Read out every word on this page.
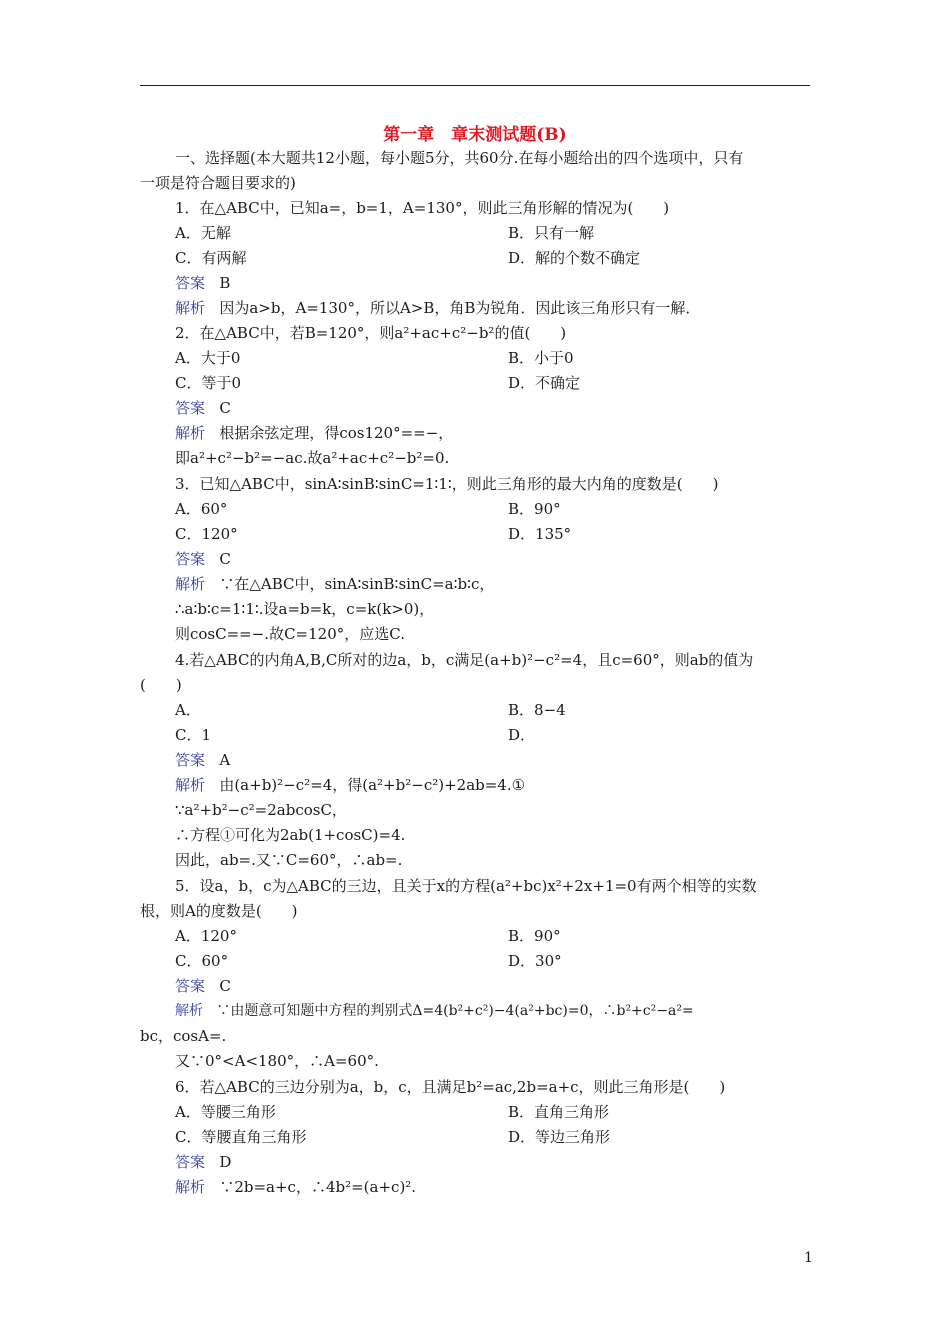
第一章　章末测试题(B)
一、选择题(本大题共12小题，每小题5分，共60分.在每小题给出的四个选项中，只有
一项是符合题目要求的)
1．在△ABC中，已知a=，b=1，A=130°，则此三角形解的情况为(　　)
A．无解	B．只有一解
C．有两解	D．解的个数不确定
答案 B
解析 因为a>b，A=130°，所以A>B，角B为锐角．因此该三角形只有一解．
2．在△ABC中，若B=120°，则a²+ac+c²−b²的值(　　)
A．大于0	B．小于0
C．等于0	D．不确定
答案 C
解析 根据余弦定理，得cos120°==−，
即a²+c²−b²=−ac.故a²+ac+c²−b²=0.
3．已知△ABC中，sinA∶sinB∶sinC=1∶1∶，则此三角形的最大内角的度数是(　　)
A．60°	B．90°
C．120°	D．135°
答案 C
解析 ∵在△ABC中，sinA∶sinB∶sinC=a∶b∶c，
∴a∶b∶c=1∶1∶.设a=b=k，c=k(k>0)，
则cosC==−.故C=120°，应选C.
4.若△ABC的内角A,B,C所对的边a，b，c满足(a+b)²−c²=4，且c=60°，则ab的值为
(　　)
A．	B．8−4
C．1	D．
答案 A
解析 由(a+b)²−c²=4，得(a²+b²−c²)+2ab=4.①
∵a²+b²−c²=2abcosC，
∴方程①可化为2ab(1+cosC)=4.
因此，ab=.又∵C=60°，∴ab=.
5．设a，b，c为△ABC的三边，且关于x的方程(a²+bc)x²+2x+1=0有两个相等的实数
根，则A的度数是(　　)
A．120°	B．90°
C．60°	D．30°
答案 C
解析 ∵由题意可知题中方程的判别式Δ=4(b²+c²)−4(a²+bc)=0，∴b²+c²−a²=
bc，cosA=.
又∵0°<A<180°，∴A=60°.
6．若△ABC的三边分别为a，b，c，且满足b²=ac,2b=a+c，则此三角形是(　　)
A．等腰三角形	B．直角三角形
C．等腰直角三角形	D．等边三角形
答案 D
解析 ∵2b=a+c，∴4b²=(a+c)².
1
